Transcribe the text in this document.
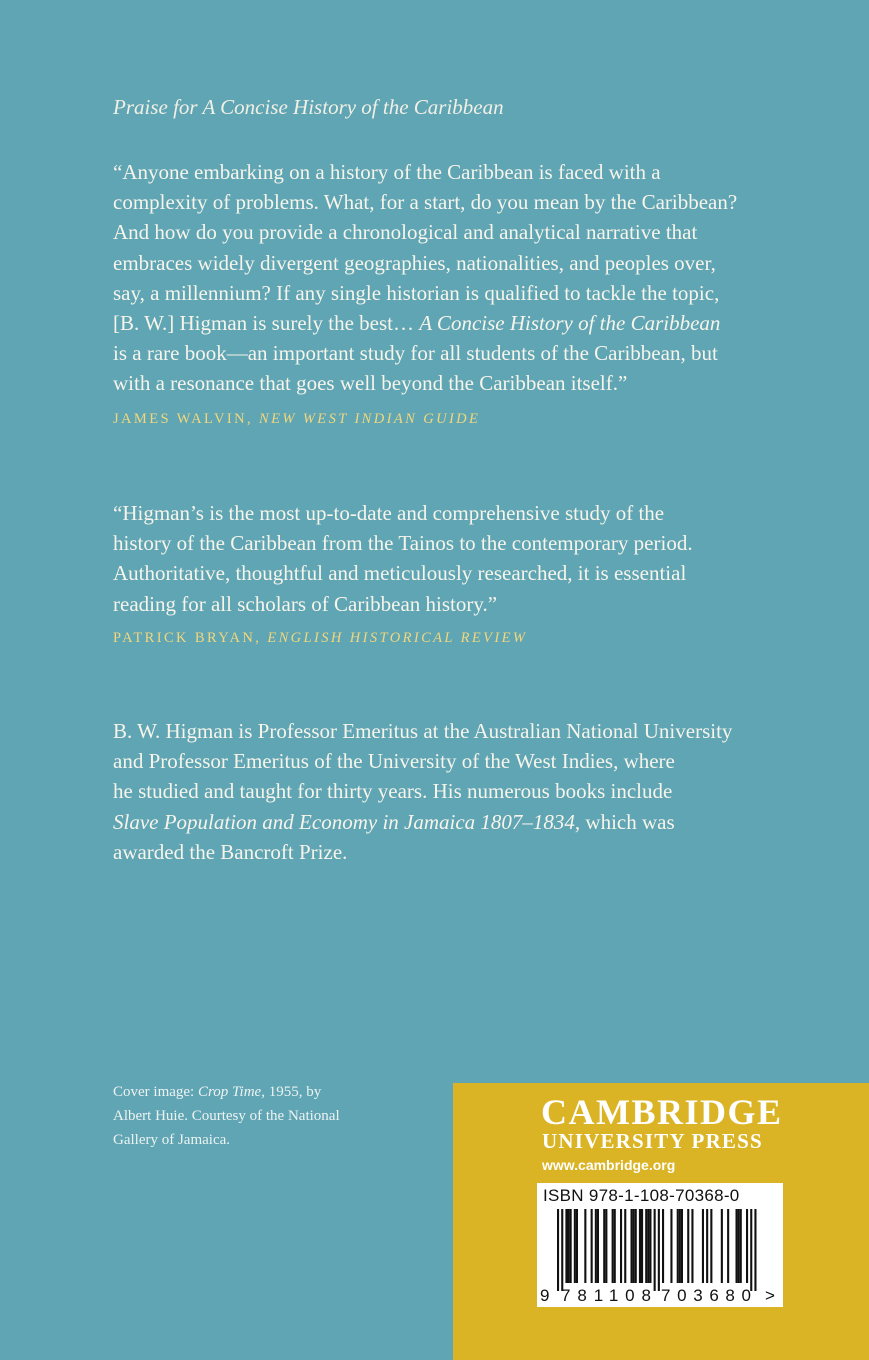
Praise for A Concise History of the Caribbean
“Anyone embarking on a history of the Caribbean is faced with a
complexity of problems. What, for a start, do you mean by the Caribbean?
And how do you provide a chronological and analytical narrative that
embraces widely divergent geographies, nationalities, and peoples over,
say, a millennium? If any single historian is qualified to tackle the topic,
[B. W.] Higman is surely the best… A Concise History of the Caribbean
is a rare book—an important study for all students of the Caribbean, but
with a resonance that goes well beyond the Caribbean itself.”
JAMES WALVIN, NEW WEST INDIAN GUIDE
“Higman’s is the most up-to-date and comprehensive study of the
history of the Caribbean from the Tainos to the contemporary period.
Authoritative, thoughtful and meticulously researched, it is essential
reading for all scholars of Caribbean history.”
PATRICK BRYAN, ENGLISH HISTORICAL REVIEW
B. W. Higman is Professor Emeritus at the Australian National University
and Professor Emeritus of the University of the West Indies, where
he studied and taught for thirty years. His numerous books include
Slave Population and Economy in Jamaica 1807–1834, which was
awarded the Bancroft Prize.
Cover image: Crop Time, 1955, by
Albert Huie. Courtesy of the National
Gallery of Jamaica.
CAMBRIDGE
UNIVERSITY PRESS
www.cambridge.org
9 781108 703680 >
ISBN 978-1-108-70368-0
